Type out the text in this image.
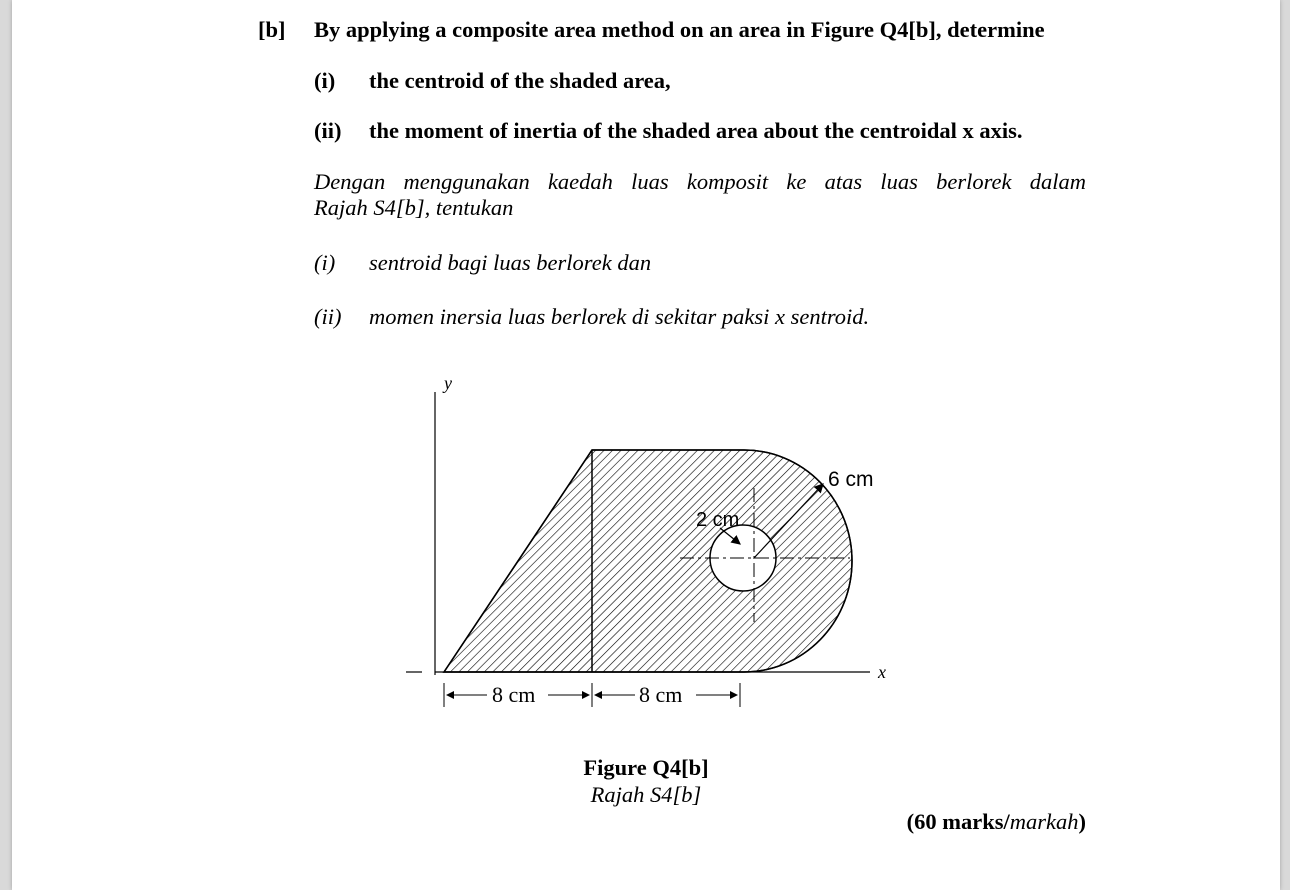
[b] By applying a composite area method on an area in Figure Q4[b], determine
(i) the centroid of the shaded area,
(ii) the moment of inertia of the shaded area about the centroidal x axis.
Dengan menggunakan kaedah luas komposit ke atas luas berlorek dalam
Rajah S4[b], tentukan
(i) sentroid bagi luas berlorek dan
(ii) momen inersia luas berlorek di sekitar paksi x sentroid.
y
x
6 cm
2 cm
8 cm	8 cm
Figure Q4[b]
Rajah S4[b]
(60 marks/markah)
